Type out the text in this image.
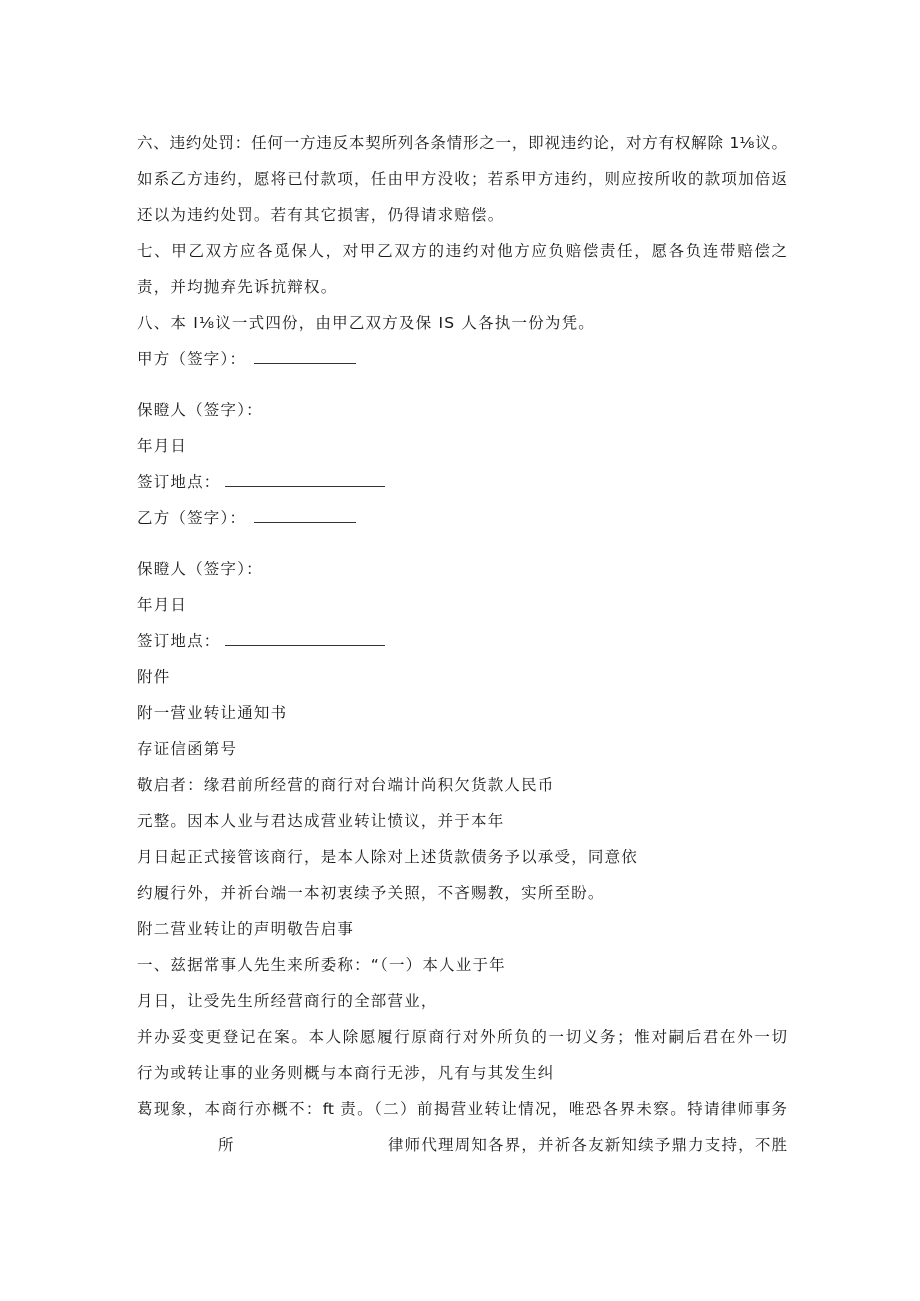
六、违约处罚：任何一方违反本契所列各条情形之一，即视违约论，对方有权解除 1⅛议。
如系乙方违约，愿将已付款项，任由甲方没收；若系甲方违约，则应按所收的款项加倍返
还以为违约处罚。若有其它损害，仍得请求赔偿。
七、甲乙双方应各觅保人，对甲乙双方的违约对他方应负赔偿责任，愿各负连带赔偿之
责，并均抛弃先诉抗辩权。
八、本 I⅛议一式四份，由甲乙双方及保 IS 人各执一份为凭。
甲方（签字）：
保瞪人（签字）：
年月日
签订地点：
乙方（签字）：
保瞪人（签字）：
年月日
签订地点：
附件
附一营业转让通知书
存证信函第号
敬启者：缘君前所经营的商行对台端计尚积欠货款人民币
元整。因本人业与君达成营业转让愤议，并于本年
月日起正式接管该商行，是本人除对上述货款债务予以承受，同意依
约履行外，并祈台端一本初衷续予关照，不吝赐教，实所至盼。
附二营业转让的声明敬告启事
一、兹据常事人先生来所委称：“（一）本人业于年
月日，让受先生所经营商行的全部营业，
并办妥变更登记在案。本人除愿履行原商行对外所负的一切义务；惟对嗣后君在外一切
行为或转让事的业务则概与本商行无涉，凡有与其发生纠
葛现象，本商行亦概不：ft 责。（二）前揭营业转让情况，唯恐各界未察。特请律师事务
所	律师代理周知各界，并祈各友新知续予鼎力支持，不胜
